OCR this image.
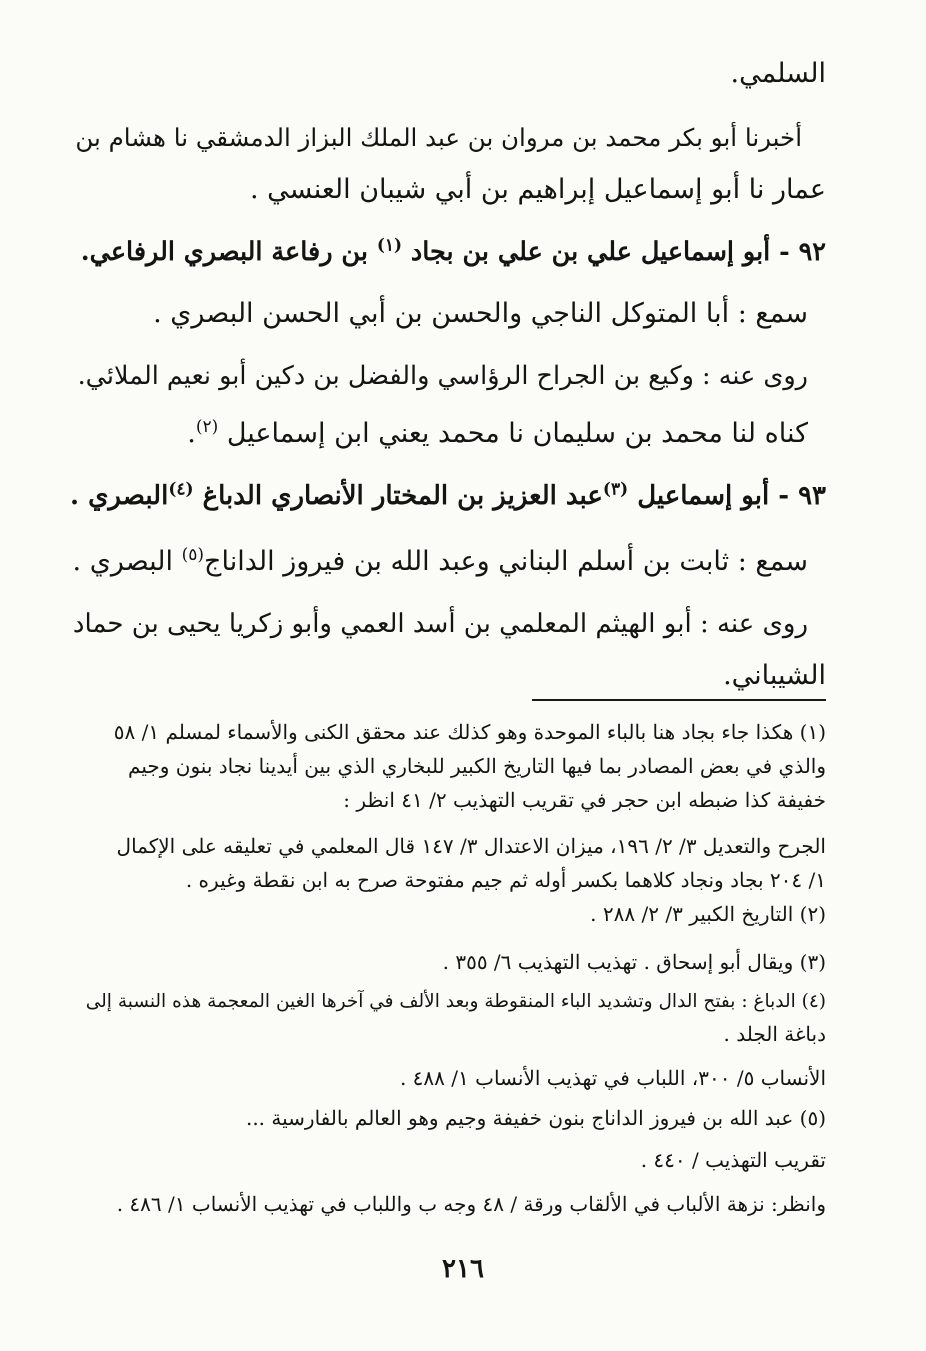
السلمي.
أخبرنا أبو بكر محمد بن مروان بن عبد الملك البزاز الدمشقي نا هشام بن
عمار نا أبو إسماعيل إبراهيم بن أبي شيبان العنسي .
٩٢ - أبو إسماعيل علي بن علي بن بجاد $^{(١)}$ بن رفاعة البصري الرفاعي.
سمع : أبا المتوكل الناجي والحسن بن أبي الحسن البصري .
روى عنه : وكيع بن الجراح الرؤاسي والفضل بن دكين أبو نعيم الملائي.
كناه لنا محمد بن سليمان نا محمد يعني ابن إسماعيل $^{(٢)}$.
٩٣ - أبو إسماعيل $^{(٣)}$عبد العزيز بن المختار الأنصاري الدباغ $^{(٤)}$البصري .
سمع : ثابت بن أسلم البناني وعبد الله بن فيروز الداناج$^{(٥)}$ البصري .
روى عنه : أبو الهيثم المعلمي بن أسد العمي وأبو زكريا يحيى بن حماد
الشيباني.
(١) هكذا جاء بجاد هنا بالباء الموحدة وهو كذلك عند محقق الكنى والأسماء لمسلم ١/ ٥٨
والذي في بعض المصادر بما فيها التاريخ الكبير للبخاري الذي بين أيدينا نجاد بنون وجيم
خفيفة كذا ضبطه ابن حجر في تقريب التهذيب ٢/ ٤١ انظر :
الجرح والتعديل ٣/ ٢/ ١٩٦، ميزان الاعتدال ٣/ ١٤٧ قال المعلمي في تعليقه على الإكمال
١/ ٢٠٤ بجاد ونجاد كلاهما بكسر أوله ثم جيم مفتوحة صرح به ابن نقطة وغيره .
(٢) التاريخ الكبير ٣/ ٢/ ٢٨٨ .
(٣) ويقال أبو إسحاق . تهذيب التهذيب ٦/ ٣٥٥ .
(٤) الدباغ : بفتح الدال وتشديد الباء المنقوطة وبعد الألف في آخرها الغين المعجمة هذه النسبة إلى
دباغة الجلد .
الأنساب ٥/ ٣٠٠، اللباب في تهذيب الأنساب ١/ ٤٨٨ .
(٥) عبد الله بن فيروز الداناج بنون خفيفة وجيم وهو العالم بالفارسية ...
تقريب التهذيب / ٤٤٠ .
وانظر: نزهة الألباب في الألقاب ورقة / ٤٨ وجه ب واللباب في تهذيب الأنساب ١/ ٤٨٦ .
٢١٦
